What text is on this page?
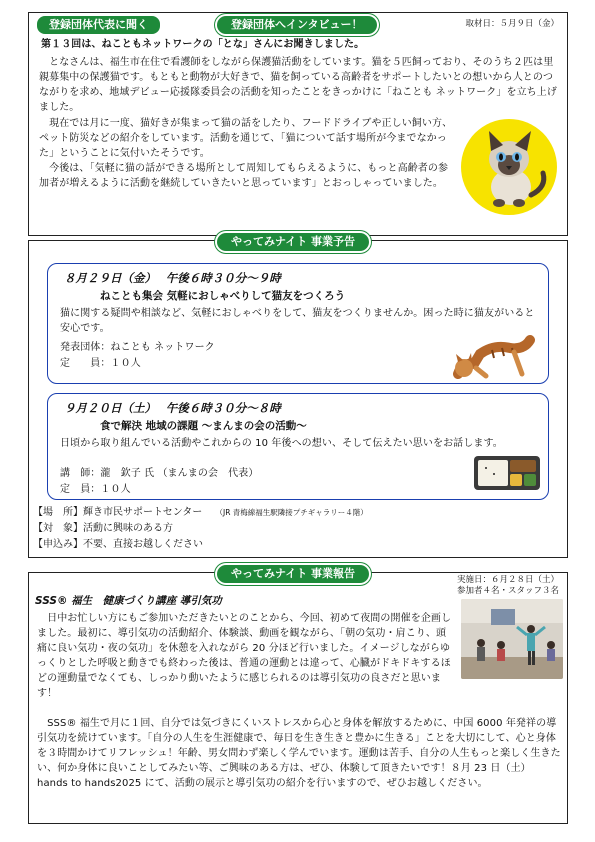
登録団体代表に聞く	登録団体へインタビュー！	取材日：５月９日（金）
第１３回は、ねこともネットワークの「とな」さんにお聞きしました。

　となさんは、福生市在住で看護師をしながら保護猫活動をしています。猫を５匹飼っており、そのうち２匹は里親募集中の保護猫です。もともと動物が大好きで、猫を飼っている高齢者をサポートしたいとの想いから人とのつながりを求め、地域デビュー応援隊委員会の活動を知ったことをきっかけに「ねことも ネットワーク」を立ち上げました。

　現在では月に一度、猫好きが集まって猫の話をしたり、フードドライブや正しい飼い方、ペット防災などの紹介をしています。活動を通じて、「猫について話す場所が今までなかった」ということに気付いたそうです。

　今後は、「気軽に猫の話ができる場所として周知してもらえるように、もっと高齢者の参加者が増えるように活動を継続していきたいと思っています」とおっしゃっていました。

やってみナイト 事業予告
８月２９日（金）　 午後６時３０分～９時
ねことも集会 気軽におしゃべりして猫友をつくろう
猫に関する疑問や相談など、気軽におしゃべりをして、猫友をつくりませんか。困った時に猫友がいると安心です。
発表団体：ねことも ネットワーク
定　　員：１０人
９月２０日（土）　 午後６時３０分～８時
食で解決 地域の課題 ～まんまの会の活動～
日頃から取り組んでいる活動やこれからの 10 年後への想い、そして伝えたい思いをお話します。
講　師：瀧　欽子 氏 （まんまの会　代表）
定　員：１０人
【場　所】輝き市民サポートセンター （JR 青梅線福生駅隣接プチギャラリー４階）
【対　象】活動に興味のある方
【申込み】不要、直接お越しください
やってみナイト 事業報告	実施日：６月２８日（土）
参加者４名・スタッフ３名
SSS® 福生　健康づくり講座 導引気功

　日中お忙しい方にもご参加いただきたいとのことから、今回、初めて夜間の開催を企画しました。最初に、導引気功の活動紹介、体験談、動画を観ながら、「朝の気功・肩こり、頭痛に良い気功・夜の気功」を休憩を入れながら 20 分ほど行いました。イメージしながらゆっくりとした呼吸と動きでも終わった後は、普通の運動とは違って、心臓がドキドキするほどの運動量でなくても、しっかり動いたように感じられるのは導引気功の良さだと思います！

　SSS® 福生で月に１回、自分では気づきにくいストレスから心と身体を解放するために、中国 6000 年発祥の導引気功を続けています。「自分の人生を生涯健康で、毎日を生き生きと豊かに生きる」ことを大切にして、心と身体を３時間かけてリフレッシュ！年齢、男女問わず楽しく学んでいます。運動は苦手、自分の人生もっと楽しく生きたい、何か身体に良いことしてみたい等、ご興味のある方は、ぜひ、体験して頂きたいです！８月 23 日（土）hands to hands2025 にて、活動の展示と導引気功の紹介を行いますので、ぜひお越しください。
